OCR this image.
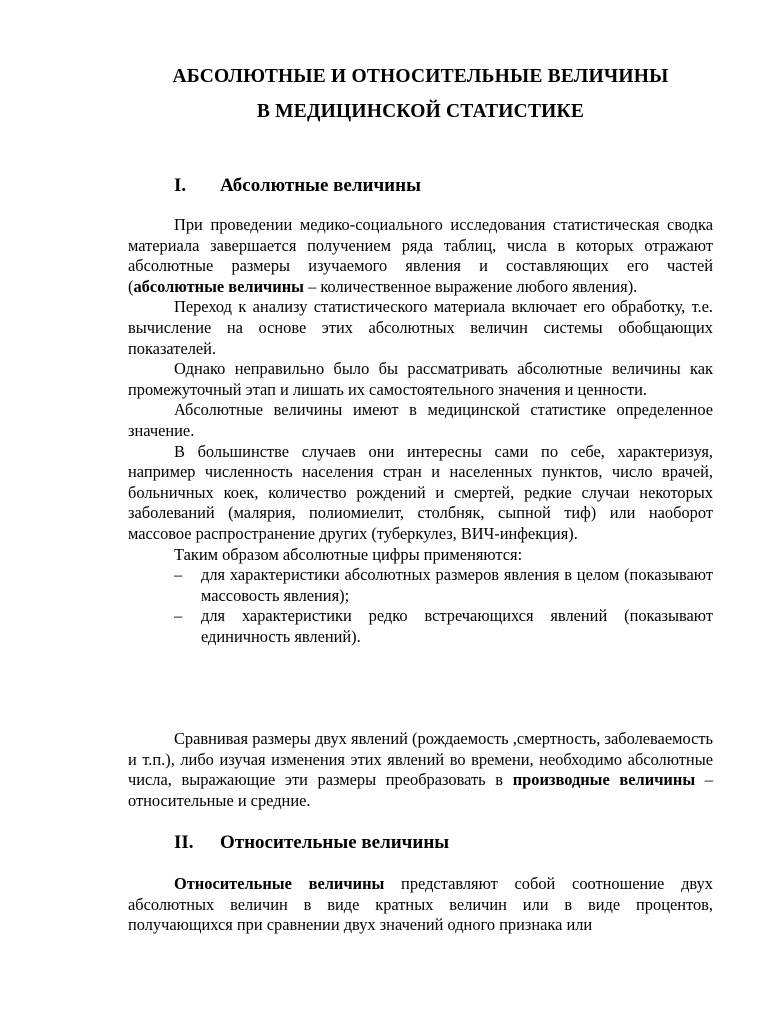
АБСОЛЮТНЫЕ И ОТНОСИТЕЛЬНЫЕ ВЕЛИЧИНЫ
В МЕДИЦИНСКОЙ СТАТИСТИКЕ
I. Абсолютные величины

При проведении медико-социального исследования статистическая сводка материала завершается получением ряда таблиц, числа в которых отражают абсолютные размеры изучаемого явления и составляющих его частей (абсолютные величины – количественное выражение любого явления).

Переход к анализу статистического материала включает его обработку, т.е. вычисление на основе этих абсолютных величин системы обобщающих показателей.

Однако неправильно было бы рассматривать абсолютные величины как промежуточный этап и лишать их самостоятельного значения и ценности.

Абсолютные величины имеют в медицинской статистике определенное значение.

В большинстве случаев они интересны сами по себе, характеризуя, например численность населения стран и населенных пунктов, число врачей, больничных коек, количество рождений и смертей, редкие случаи некоторых заболеваний (малярия, полиомиелит, столбняк, сыпной тиф) или наоборот массовое распространение других (туберкулез, ВИЧ-инфекция).

Таким образом абсолютные цифры применяются:

– для характеристики абсолютных размеров явления в целом (показывают массовость явления);
– для характеристики редко встречающихся явлений (показывают единичность явлений).

Сравнивая размеры двух явлений (рождаемость ,смертность, заболеваемость и т.п.), либо изучая изменения этих явлений во времени, необходимо абсолютные числа, выражающие эти размеры преобразовать в производные величины – относительные и средние.

II. Относительные величины

Относительные величины представляют собой соотношение двух абсолютных величин в виде кратных величин или в виде процентов, получающихся при сравнении двух значений одного признака или
